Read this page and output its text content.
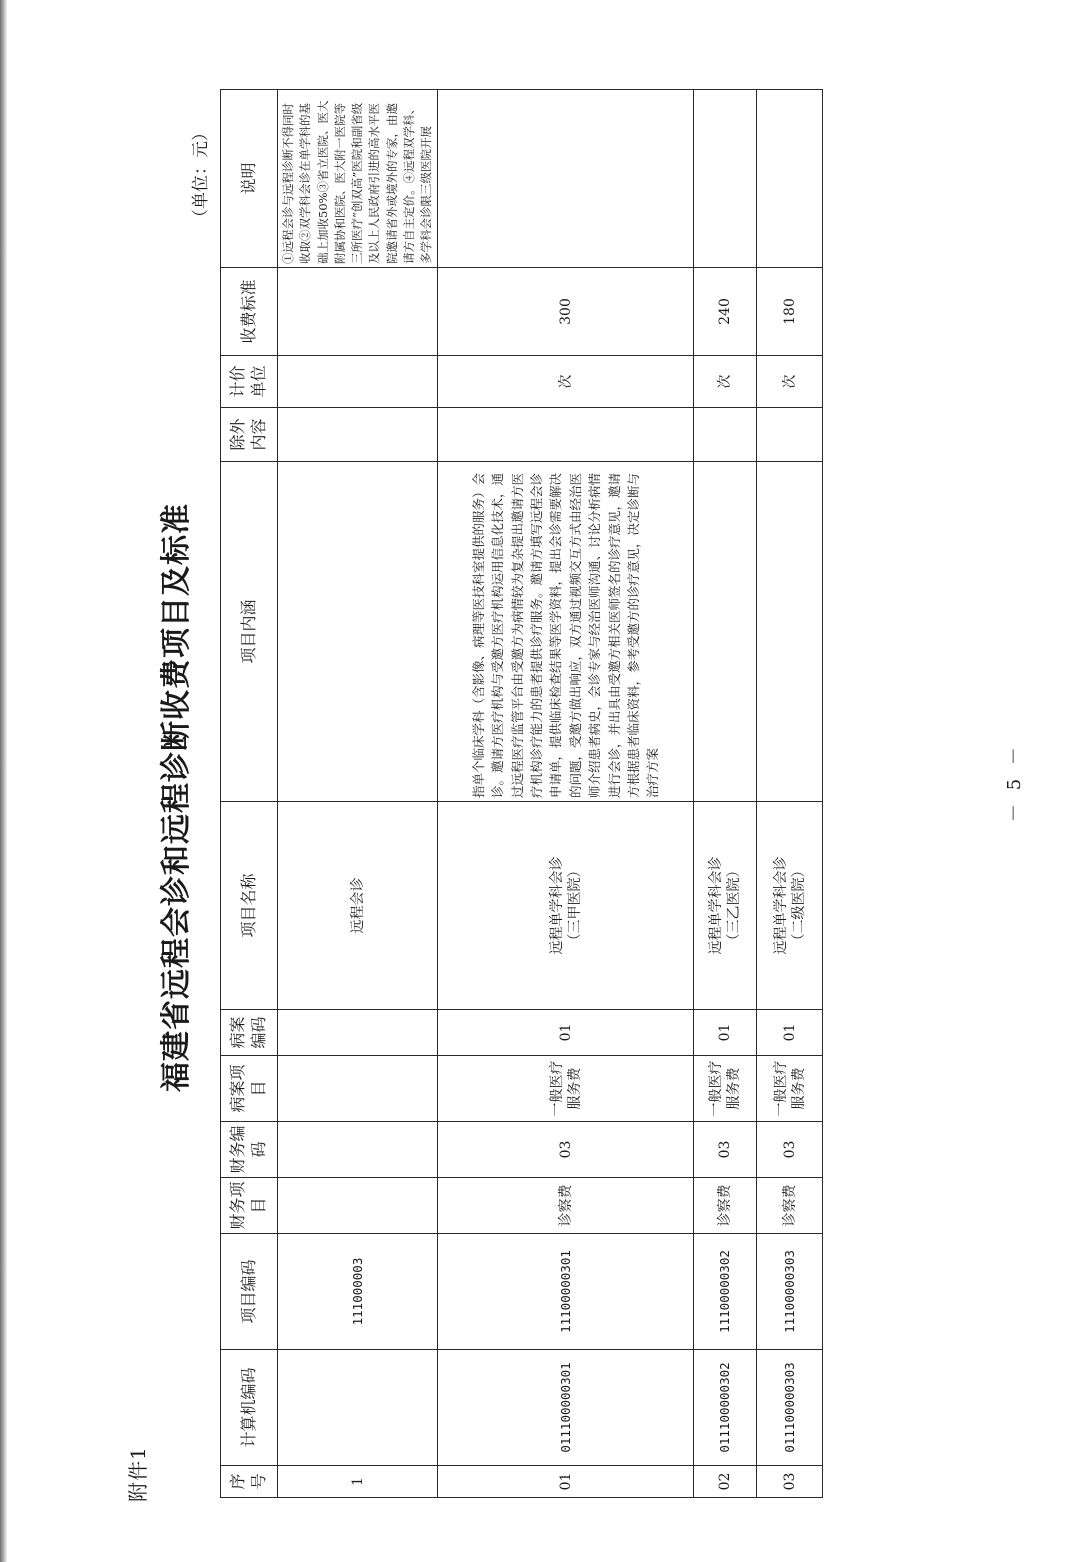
附件1
福建省远程会诊和远程诊断收费项目及标准
（单位：元）
序号	计算机编码	项目编码	财务项目	财务编码	病案项目	病案编码	项目名称	项目内涵	除外内容	计价单位	收费标准	说明
1		111000003					远程会诊					①远程会诊与远程诊断不得同时收取②双学科会诊在单学科的基础上加收50%③省立医院、医大附属协和医院、医大附一医院等三所医疗“创双高”医院和副省级及以上人民政府引进的高水平医院邀请省外或境外的专家，由邀请方自主定价。④远程双学科、多学科会诊限三级医院开展
01	011100000301	11100000301	诊察费	03	一般医疗服务费	01	远程单学科会诊 （三甲医院）	指单个临床学科（含影像、病理等医技科室提供的服务）会诊。邀请方医疗机构与受邀方医疗机构运用信息化技术，通过远程医疗监管平台由受邀方为病情较为复杂提出邀请方医疗机构诊疗能力的患者提供诊疗服务。邀请方填写远程会诊申请单，提供临床检查结果等医学资料，提出会诊需要解决的问题，受邀方做出响应，双方通过视频交互方式由经治医师介绍患者病史，会诊专家与经治医师沟通、讨论分析病情进行会诊，并出具由受邀方相关医师签名的诊疗意见，邀请方根据患者临床资料，参考受邀方的诊疗意见，决定诊断与治疗方案		次	300	
02	011100000302	11100000302	诊察费	03	一般医疗服务费	01	远程单学科会诊 （三乙医院）			次	240	
03	011100000303	11100000303	诊察费	03	一般医疗服务费	01	远程单学科会诊 （二级医院）			次	180	
－ 5 －
